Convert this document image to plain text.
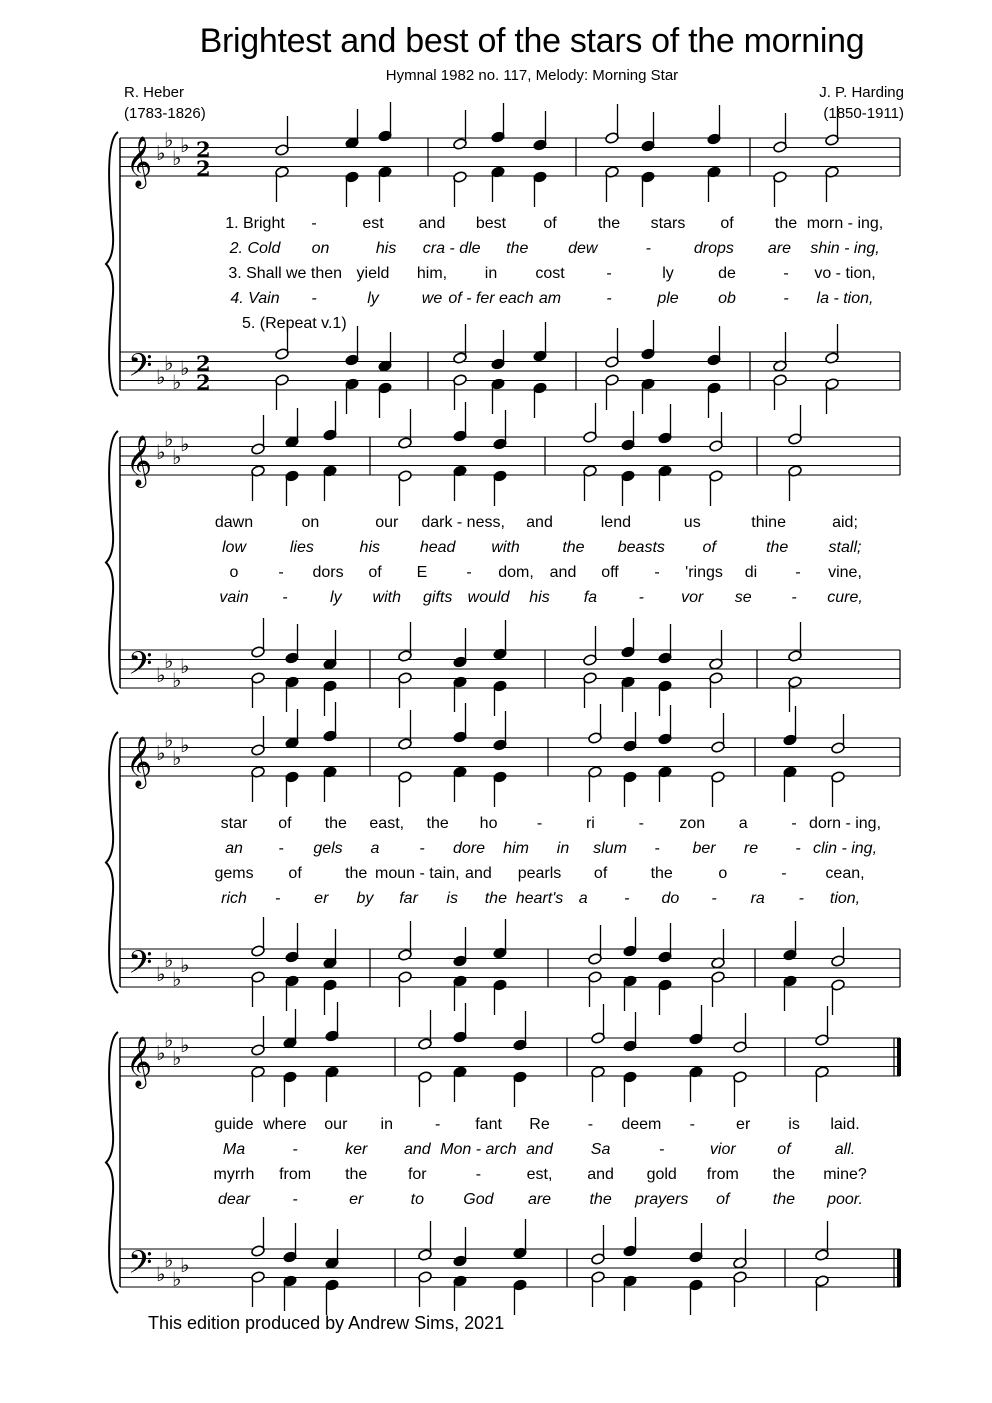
Brightest and best of the stars of the morning
Hymnal 1982 no. 117, Melody: Morning Star
R. Heber
(1783-1826)
J. P. Harding
(1850-1911)
𝄞
𝄢
♭
♭
♭
♭
♭
♭
♭
♭
2
2
2
2
𝄞
𝄢
♭
♭
♭
♭
♭
♭
♭
♭
𝄞
𝄢
♭
♭
♭
♭
♭
♭
♭
♭
𝄞
𝄢
♭
♭
♭
♭
♭
♭
♭
♭
1. Bright -	est and best of	the stars of	the morn - ing,
2. Cold on	his cra - dle the dew	-	drops are shin - ing,
3. Shall we then yield him, in cost	-	ly	de	- vo - tion,
4. Vain -	ly	we of - fer each am	-	ple ob	- la - tion,
5. (Repeat v.1)
dawn	on	our dark - ness, and	lend	us	thine	aid;
low	lies	his head with	the beasts of	the	stall;
o - dors of E - dom, and off - 'rings di - vine,
vain -	ly with gifts would his fa	- vor se - cure,
star of the east, the ho -	ri	- zon a	- dorn - ing,
an - gels a - dore him in slum - ber re - clin - ing,
gems of	the moun - tain, and pearls of	the	o	- cean,
rich - er by far is the heart's a - do - ra - tion,
guide where our in	- fant Re - deem -	er is laid.
Ma	-	ker and Mon - arch and Sa	-	vior	of	all.
myrrh from the	for	-	est, and gold from the mine?
dear	-	er	to God are the prayers of	the poor.
This edition produced by Andrew Sims, 2021
